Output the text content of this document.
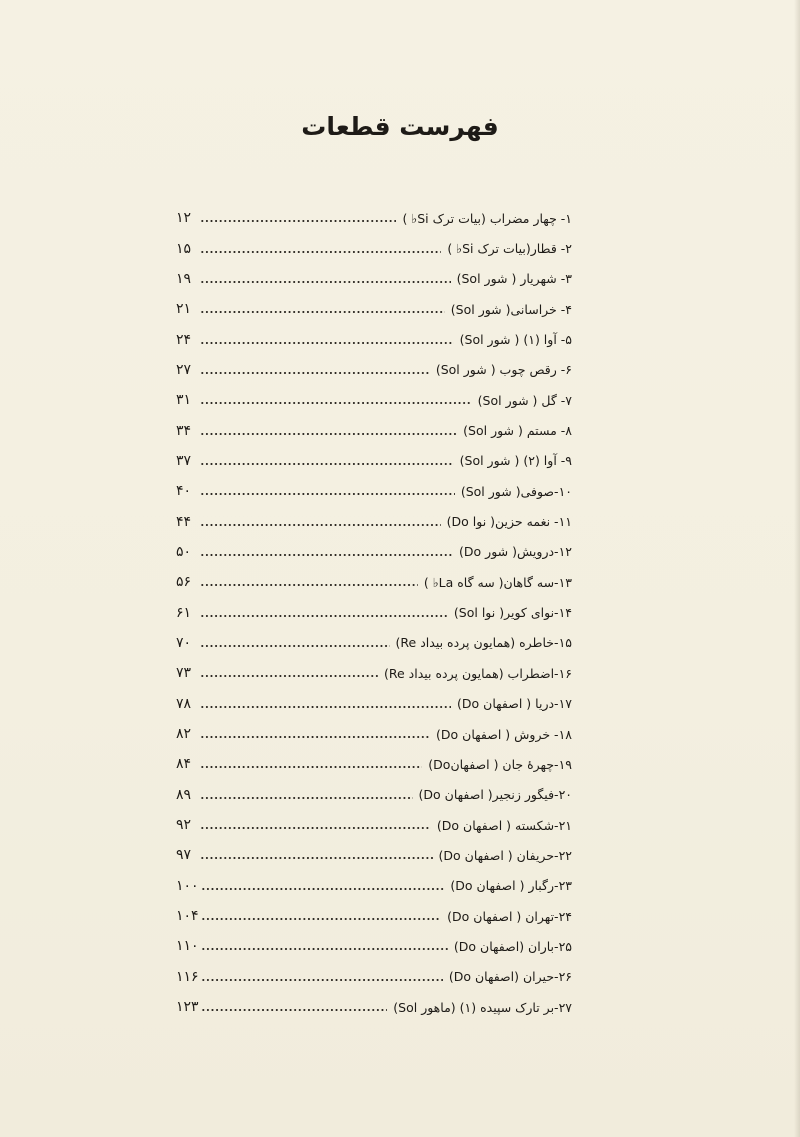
فهرست قطعات
۱۲	۱- چهار مضراب (بیات ترک Si♭ )
۱۵	۲- قطار(بیات ترک Si♭ )
۱۹	۳- شهریار ( شور Sol)
۲۱	۴- خراسانی( شور Sol)
۲۴	۵- آوا (۱) ( شور Sol)
۲۷	۶- رقص چوب ( شور Sol)
۳۱	۷- گل ( شور Sol)
۳۴	۸- مستم ( شور Sol)
۳۷	۹- آوا (۲) ( شور Sol)
۴۰	۱۰-صوفی( شور Sol)
۴۴	۱۱- نغمه حزین( نوا Do)
۵۰	۱۲-درویش( شور Do)
۵۶	۱۳-سه گاهان( سه گاه La♭ )
۶۱	۱۴-نوای کویر( نوا Sol)
۷۰	۱۵-خاطره (همایون پرده بیداد Re)
۷۳	۱۶-اضطراب (همایون پرده بیداد Re)
۷۸	۱۷-دریا ( اصفهان Do)
۸۲	۱۸- خروش ( اصفهان Do)
۸۴	۱۹-چهرهٔ جان ( اصفهانDo)
۸۹	۲۰-فیگور زنجیر( اصفهان Do)
۹۲	۲۱-شکسته ( اصفهان Do)
۹۷	۲۲-حریفان ( اصفهان Do)
۱۰۰	۲۳-رگبار ( اصفهان Do)
۱۰۴	۲۴-تهران ( اصفهان Do)
۱۱۰	۲۵-باران (اصفهان Do)
۱۱۶	۲۶-حیران (اصفهان Do)
۱۲۳	۲۷-بر تارک سپیده (۱) (ماهور Sol)
